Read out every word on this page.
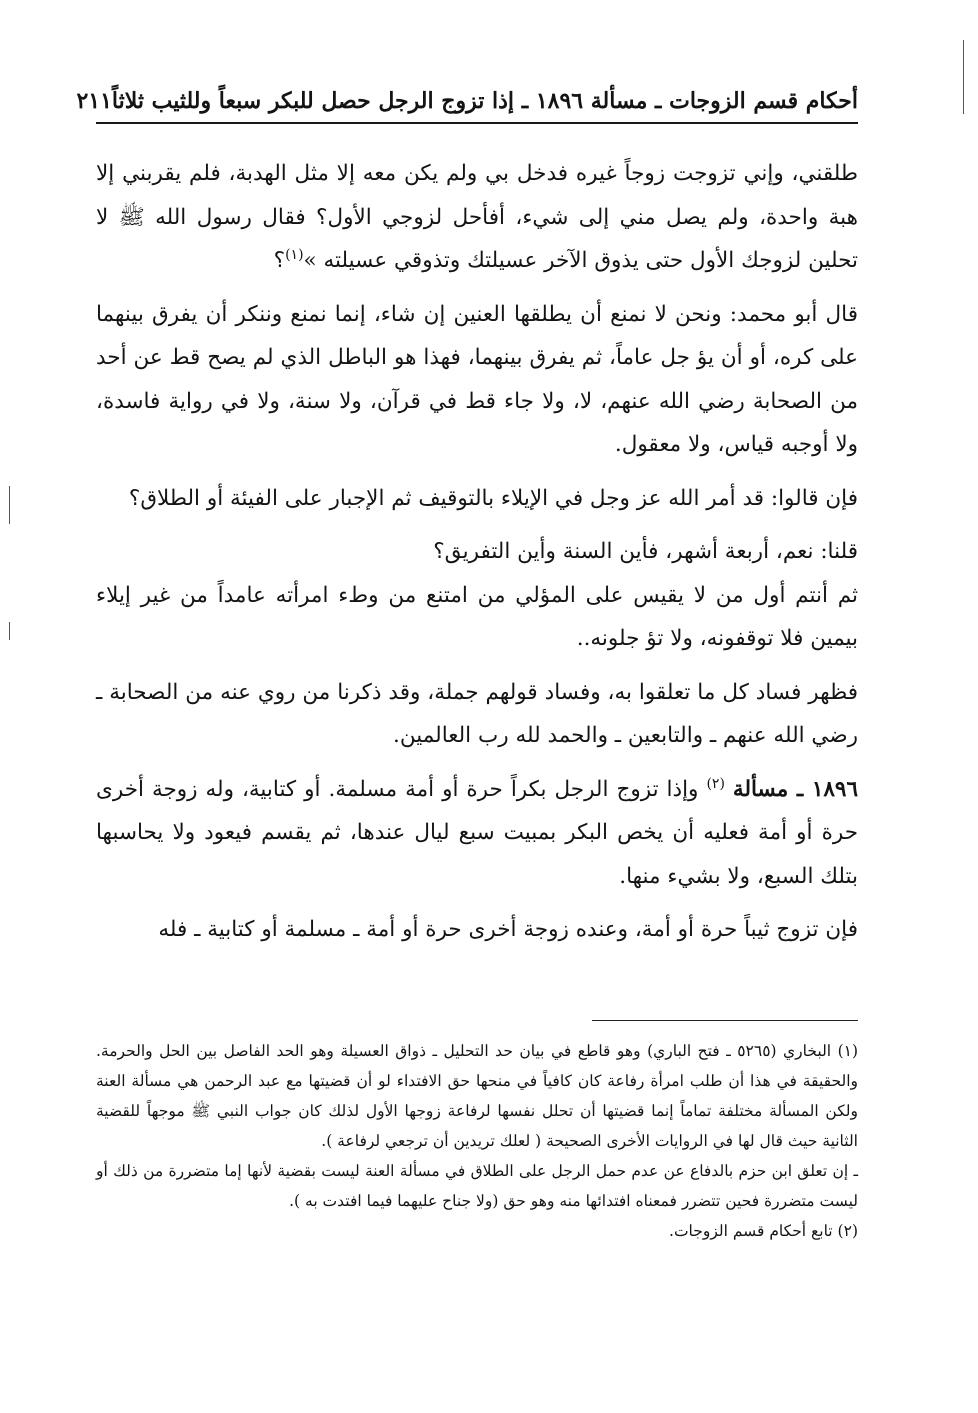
أحكام قسم الزوجات ـ مسألة ١٨٩٦ ـ إذا تزوج الرجل حصل للبكر سبعاً وللثيب ثلاثاً
٢١١

طلقني، وإني تزوجت زوجاً غيره فدخل بي ولم يكن معه إلا مثل الهدبة، فلم يقربني إلا هبة واحدة، ولم يصل مني إلى شيء، أفأحل لزوجي الأول؟ فقال رسول الله ﷺ لا تحلين لزوجك الأول حتى يذوق الآخر عسيلتك وتذوقي عسيلته »$^{(١)}$؟

قال أبو محمد: ونحن لا نمنع أن يطلقها العنين إن شاء، إنما نمنع وننكر أن يفرق بينهما على كره، أو أن يؤ جل عاماً، ثم يفرق بينهما، فهذا هو الباطل الذي لم يصح قط عن أحد من الصحابة رضي الله عنهم، لا، ولا جاء قط في قرآن، ولا سنة، ولا في رواية فاسدة، ولا أوجبه قياس، ولا معقول.

فإن قالوا: قد أمر الله عز وجل في الإيلاء بالتوقيف ثم الإجبار على الفيئة أو الطلاق؟

قلنا: نعم، أربعة أشهر، فأين السنة وأين التفريق؟

ثم أنتم أول من لا يقيس على المؤلي من امتنع من وطء امرأته عامداً من غير إيلاء بيمين فلا توقفونه، ولا تؤ جلونه..

فظهر فساد كل ما تعلقوا به، وفساد قولهم جملة، وقد ذكرنا من روي عنه من الصحابة ـ رضي الله عنهم ـ والتابعين ـ والحمد لله رب العالمين.

١٨٩٦ ـ مسألة $^{(٢)}$ وإذا تزوج الرجل بكراً حرة أو أمة مسلمة. أو كتابية، وله زوجة أخرى حرة أو أمة فعليه أن يخص البكر بمبيت سبع ليال عندها، ثم يقسم فيعود ولا يحاسبها بتلك السبع، ولا بشيء منها.

فإن تزوج ثيباً حرة أو أمة، وعنده زوجة أخرى حرة أو أمة ـ مسلمة أو كتابية ـ فله

(١) البخاري (٥٢٦٥ ـ فتح الباري) وهو قاطع في بيان حد التحليل ـ ذواق العسيلة وهو الحد الفاصل بين الحل والحرمة. والحقيقة في هذا أن طلب امرأة رفاعة كان كافياً في منحها حق الافتداء لو أن قضيتها مع عبد الرحمن هي مسألة العنة ولكن المسألة مختلفة تماماً إنما قضيتها أن تحلل نفسها لرفاعة زوجها الأول لذلك كان جواب النبي ﷺ موجهاً للقضية الثانية حيث قال لها في الروايات الأخرى الصحيحة ( لعلك تريدين أن ترجعي لرفاعة ).

ـ إن تعلق ابن حزم بالدفاع عن عدم حمل الرجل على الطلاق في مسألة العنة ليست بقضية لأنها إما متضررة من ذلك أو ليست متضررة فحين تتضرر فمعناه افتدائها منه وهو حق (ولا جناح عليهما فيما افتدت به ).

(٢) تابع أحكام قسم الزوجات.
